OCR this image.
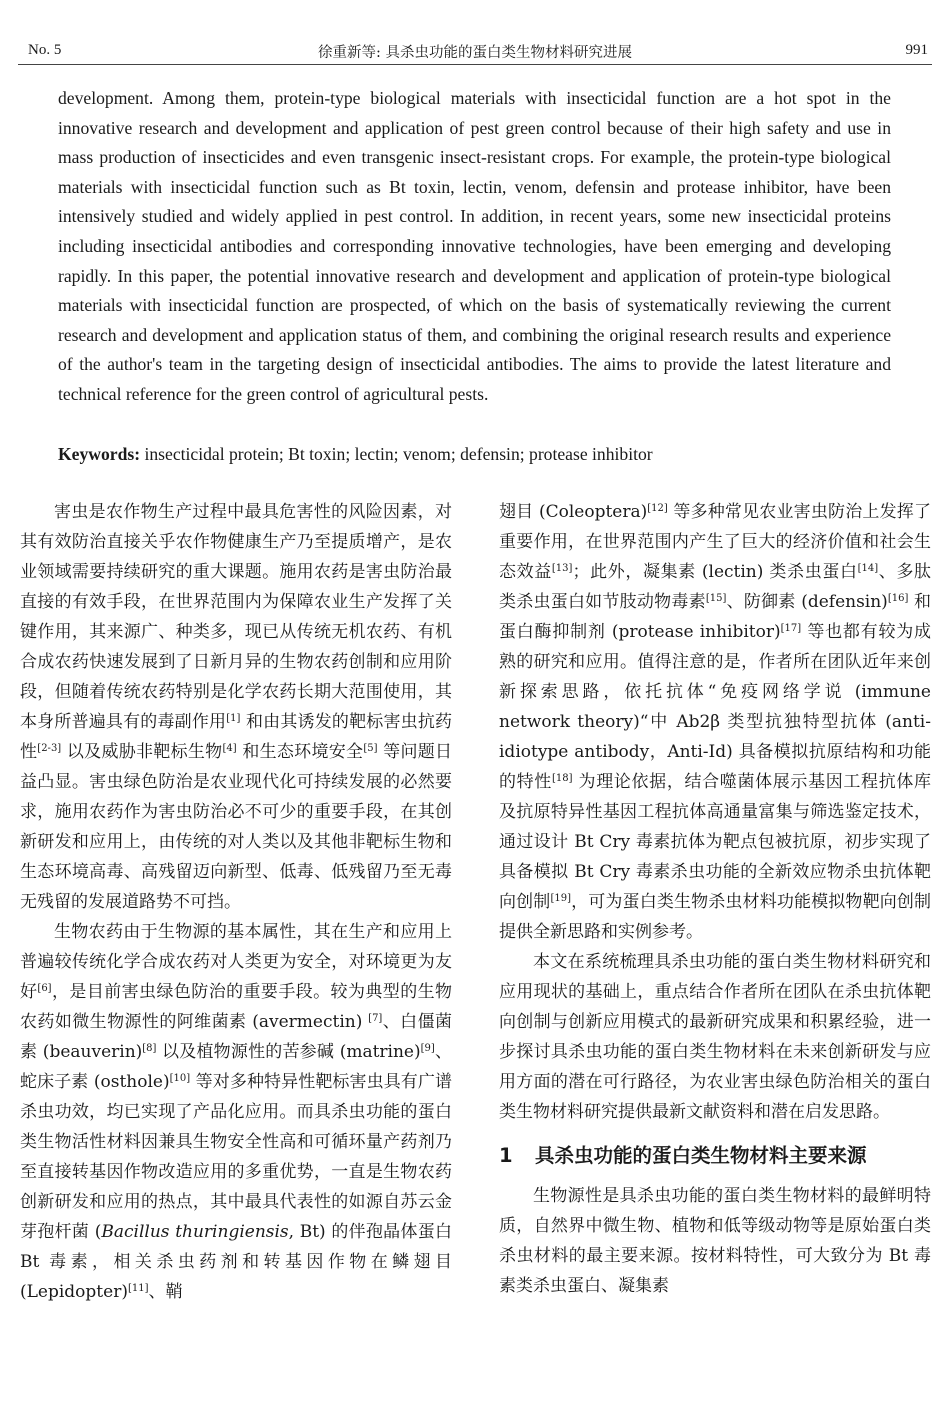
No. 5	徐重新等: 具杀虫功能的蛋白类生物材料研究进展	991

development. Among them, protein-type biological materials with insecticidal function are a hot spot in the innovative research and development and application of pest green control because of their high safety and use in mass production of insecticides and even transgenic insect-resistant crops. For example, the protein-type biological materials with insecticidal function such as Bt toxin, lectin, venom, defensin and protease inhibitor, have been intensively studied and widely applied in pest control. In addition, in recent years, some new insecticidal proteins including insecticidal antibodies and corresponding innovative technologies, have been emerging and developing rapidly. In this paper, the potential innovative research and development and application of protein-type biological materials with insecticidal function are prospected, of which on the basis of systematically reviewing the current research and development and application status of them, and combining the original research results and experience of the author's team in the targeting design of insecticidal antibodies. The aims to provide the latest literature and technical reference for the green control of agricultural pests.

Keywords: insecticidal protein; Bt toxin; lectin; venom; defensin; protease inhibitor

害虫是农作物生产过程中最具危害性的风险因素，对其有效防治直接关乎农作物健康生产乃至提质增产，是农业领域需要持续研究的重大课题。施用农药是害虫防治最直接的有效手段，在世界范围内为保障农业生产发挥了关键作用，其来源广、种类多，现已从传统无机农药、有机合成农药快速发展到了日新月异的生物农药创制和应用阶段，但随着传统农药特别是化学农药长期大范围使用，其本身所普遍具有的毒副作用[1] 和由其诱发的靶标害虫抗药性[2-3] 以及威胁非靶标生物[4] 和生态环境安全[5] 等问题日益凸显。害虫绿色防治是农业现代化可持续发展的必然要求，施用农药作为害虫防治必不可少的重要手段，在其创新研发和应用上，由传统的对人类以及其他非靶标生物和生态环境高毒、高残留迈向新型、低毒、低残留乃至无毒无残留的发展道路势不可挡。

生物农药由于生物源的基本属性，其在生产和应用上普遍较传统化学合成农药对人类更为安全，对环境更为友好[6]，是目前害虫绿色防治的重要手段。较为典型的生物农药如微生物源性的阿维菌素 (avermectin) [7]、白僵菌素 (beauverin)[8] 以及植物源性的苦参碱 (matrine)[9]、蛇床子素 (osthole)[10] 等对多种特异性靶标害虫具有广谱杀虫功效，均已实现了产品化应用。而具杀虫功能的蛋白类生物活性材料因兼具生物安全性高和可循环量产药剂乃至直接转基因作物改造应用的多重优势，一直是生物农药创新研发和应用的热点，其中最具代表性的如源自苏云金芽孢杆菌 (Bacillus thuringiensis, Bt) 的伴孢晶体蛋白 Bt 毒素，相关杀虫药剂和转基因作物在鳞翅目 (Lepidopter)[11]、鞘

翅目 (Coleoptera)[12] 等多种常见农业害虫防治上发挥了重要作用，在世界范围内产生了巨大的经济价值和社会生态效益[13]；此外，凝集素 (lectin) 类杀虫蛋白[14]、多肽类杀虫蛋白如节肢动物毒素[15]、防御素 (defensin)[16] 和蛋白酶抑制剂 (protease inhibitor)[17] 等也都有较为成熟的研究和应用。值得注意的是，作者所在团队近年来创新探索思路，依托抗体“免疫网络学说 (immune network theory)“中 Ab2β 类型抗独特型抗体 (anti-idiotype antibody，Anti-Id) 具备模拟抗原结构和功能的特性[18] 为理论依据，结合噬菌体展示基因工程抗体库及抗原特异性基因工程抗体高通量富集与筛选鉴定技术，通过设计 Bt Cry 毒素抗体为靶点包被抗原，初步实现了具备模拟 Bt Cry 毒素杀虫功能的全新效应物杀虫抗体靶向创制[19]，可为蛋白类生物杀虫材料功能模拟物靶向创制提供全新思路和实例参考。

本文在系统梳理具杀虫功能的蛋白类生物材料研究和应用现状的基础上，重点结合作者所在团队在杀虫抗体靶向创制与创新应用模式的最新研究成果和积累经验，进一步探讨具杀虫功能的蛋白类生物材料在未来创新研发与应用方面的潜在可行路径，为农业害虫绿色防治相关的蛋白类生物材料研究提供最新文献资料和潜在启发思路。

1 具杀虫功能的蛋白类生物材料主要来源

生物源性是具杀虫功能的蛋白类生物材料的最鲜明特质，自然界中微生物、植物和低等级动物等是原始蛋白类杀虫材料的最主要来源。按材料特性，可大致分为 Bt 毒素类杀虫蛋白、凝集素
